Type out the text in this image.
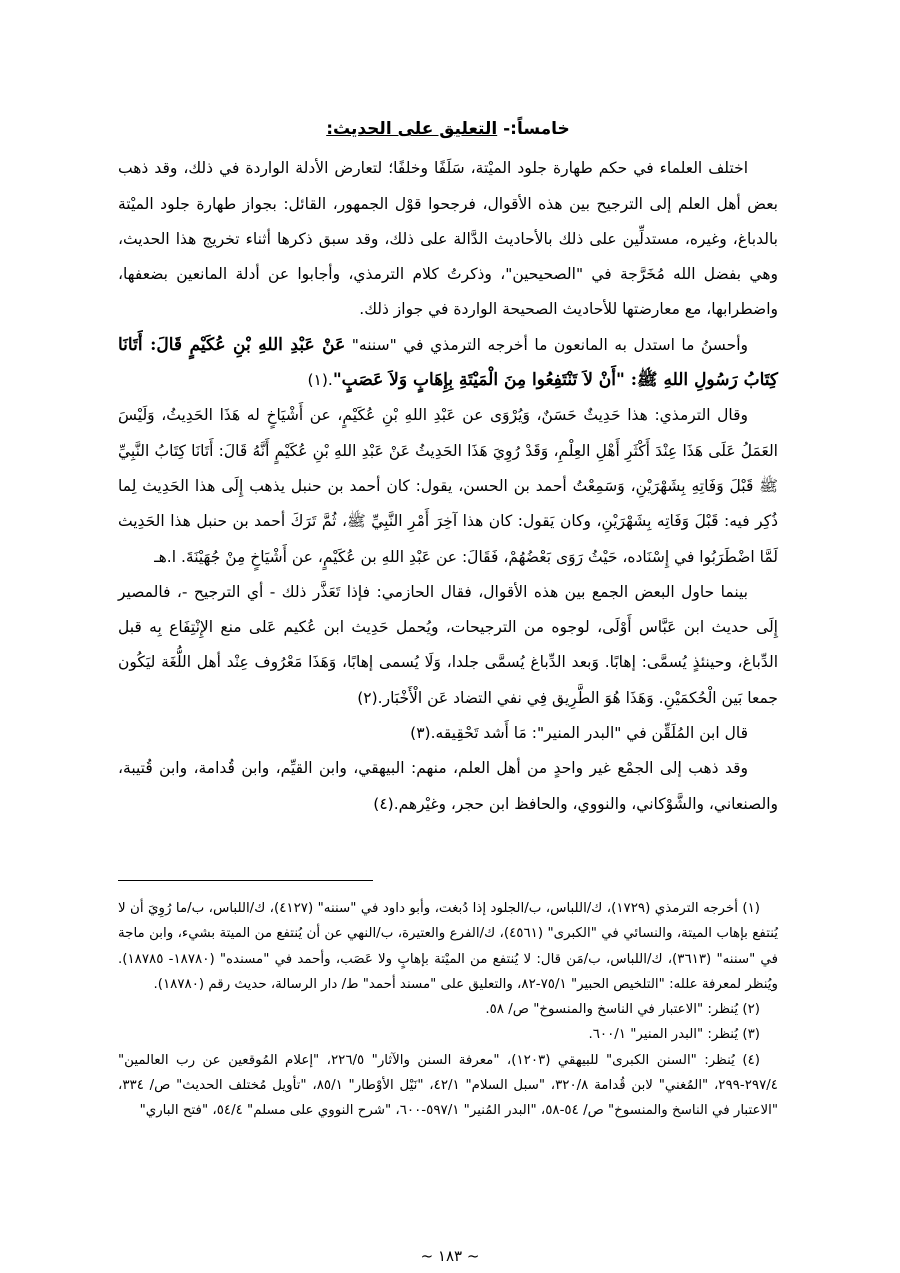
خامساً:- التعليق على الحديث:

اختلف العلماء في حكم طهارة جلود الميْتة، سَلَفًا وخلفًا؛ لتعارض الأدلة الواردة في ذلك، وقد ذهب بعض أهل العلم إلى الترجيح بين هذه الأقوال، فرجحوا قوْل الجمهور، القائل: بجواز طهارة جلود الميْتة بالدباغ، وغيره، مستدلِّين على ذلك بالأحاديث الدَّالة على ذلك، وقد سبق ذكرها أثناء تخريج هذا الحديث، وهي بفضل الله مُخَرَّجة في "الصحيحين"، وذكرتُ كلام الترمذي، وأجابوا عن أدلة المانعين بضعفها، واضطرابها، مع معارضتها للأحاديث الصحيحة الواردة في جواز ذلك.

وأحسنُ ما استدل به المانعون ما أخرجه الترمذي في "سننه" عَنْ عَبْدِ اللهِ بْنِ عُكَيْمٍ قَالَ: أَتَانَا كِتَابُ رَسُولِ اللهِ ﷺ: "أَنْ لاَ تَنْتَفِعُوا مِنَ الْمَيْتَةِ بِإِهَابٍ وَلاَ عَصَبٍ".(١)

وقال الترمذي: هذا حَدِيثٌ حَسَنٌ، وَيُرْوَى عن عَبْدِ اللهِ بْنِ عُكَيْمٍ، عن أَشْيَاخٍ له هَذَا الحَدِيثُ، وَلَيْسَ العَمَلُ عَلَى هَذَا عِنْدَ أَكْثَرِ أَهْلِ العِلْمِ، وَقَدْ رُوِيَ هَذَا الحَدِيثُ عَنْ عَبْدِ اللهِ بْنِ عُكَيْمٍ أَنَّهُ قَالَ: أَتَانَا كِتَابُ النَّبِيِّ ﷺ قَبْلَ وَفَاتِهِ بِشَهْرَيْنِ، وَسَمِعْتُ أحمد بن الحسن، يقول: كان أحمد بن حنبل يذهب إِلَى هذا الحَدِيث لِما ذُكِر فيه: قَبْلَ وَفَاتِه بِشَهْرَيْنِ، وكان يَقول: كان هذا آخِرَ أَمْرِ النَّبِيِّ ﷺ، ثُمَّ تَرَكَ أحمد بن حنبل هذا الحَدِيث لَمَّا اضْطَرَبُوا في إِسْنَاده، حَيْثُ رَوَى بَعْضُهُمْ، فَقَالَ: عن عَبْدِ اللهِ بن عُكَيْمٍ، عن أَشْيَاخٍ مِنْ جُهَيْنَةَ. ا.هـ

بينما حاول البعض الجمع بين هذه الأقوال، فقال الحازمي: فإذا تَعَذَّر ذلك - أي الترجيح -، فالمصير إِلَى حديث ابن عَبَّاس أَوْلَى، لوجوه من الترجيحات، ويُحمل حَدِيث ابن عُكيم عَلى منع الإِنْتِفَاع بِه قبل الدِّباغ، وحينئذٍ يُسمَّى: إهابًا. وَبعد الدِّباغ يُسمَّى جلدا، وَلَا يُسمى إهابًا، وَهَذَا مَعْرُوف عِنْد أهل اللُّغَة ليَكُون جمعا بَين الْحُكمَيْنِ. وَهَذَا هُوَ الطَّرِيق فِي نفي التضاد عَن الْأَخْبَار.(٢)

قال ابن المُلَقِّن في "البدر المنير": مَا أَشد تَحْقِيقه.(٣)

وقد ذهب إلى الجمْع غير واحدٍ من أهل العلم، منهم: البيهقي، وابن القيِّم، وابن قُدامة، وابن قُتيبة، والصنعاني، والشَّوْكاني، والنووي، والحافظ ابن حجر، وغيْرهم.(٤)

(١) أخرجه الترمذي (١٧٢٩)، ك/اللباس، ب/الجلود إذا دُبغت، وأبو داود في "سننه" (٤١٢٧)، ك/اللباس، ب/ما رُوِيَ أن لا يُنتفع بإهاب الميتة، والنسائي في "الكبرى" (٤٥٦١)، ك/الفرع والعتيرة، ب/النهي عن أن يُنتفع من الميتة بشيء، وابن ماجة في "سننه" (٣٦١٣)، ك/اللباس، ب/مَن قال: لا يُنتفع من الميْتة بإهابٍ ولا عَصَب، وأحمد في "مسنده" (١٨٧٨٠- ١٨٧٨٥). ويُنظر لمعرفة علله: "التلخيص الحبير" ٧٥/١-٨٢، والتعليق على "مسند أحمد" ط/ دار الرسالة، حديث رقم (١٨٧٨٠).

(٢) يُنظر: "الاعتبار في الناسخ والمنسوخ" ص/ ٥٨.

(٣) يُنظر: "البدر المنير" ٦٠٠/١.

(٤) يُنظر: "السنن الكبرى" للبيهقي (١٢٠٣)، "معرفة السنن والآثار" ٢٢٦/٥، "إعلام المُوقعين عن رب العالمين" ٢٩٧/٤-٢٩٩، "المُغني" لابن قُدامة ٣٢٠/٨، "سبل السلام" ٤٢/١، "نَيْل الأوْطار" ٨٥/١، "تأويل مُختلف الحديث" ص/ ٣٣٤، "الاعتبار في الناسخ والمنسوخ" ص/ ٥٤-٥٨، "البدر المُنير" ٥٩٧/١-٦٠٠، "شرح النووي على مسلم" ٥٤/٤، "فتح الباري"

~ ١٨٣ ~
